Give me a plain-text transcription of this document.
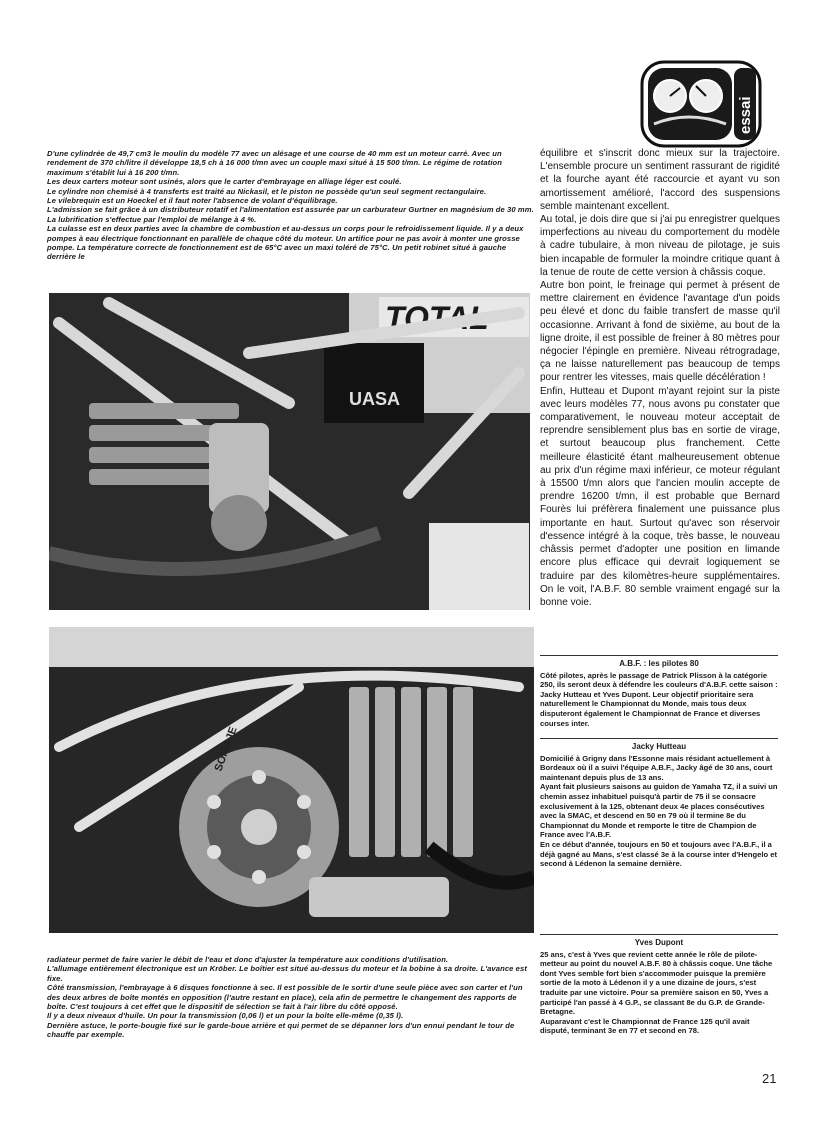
essai

D'une cylindrée de 49,7 cm3 le moulin du modèle 77 avec un alésage et une course de 40 mm est un moteur carré. Avec un rendement de 370 ch/litre il développe 18,5 ch à 16 000 t/mn avec un couple maxi situé à 15 500 t/mn. Le régime de rotation maximum s'établit lui à 16 200 t/mn.

Les deux carters moteur sont usinés, alors que le carter d'embrayage en alliage léger est coulé.

Le cylindre non chemisé à 4 transferts est traité au Nickasil, et le piston ne possède qu'un seul segment rectangulaire.

Le vilebrequin est un Hoeckel et il faut noter l'absence de volant d'équilibrage.

L'admission se fait grâce à un distributeur rotatif et l'alimentation est assurée par un carburateur Gurtner en magnésium de 30 mm. La lubrification s'effectue par l'emploi de mélange à 4 %.

La culasse est en deux parties avec la chambre de combustion et au-dessus un corps pour le refroidissement liquide. Il y a deux pompes à eau électrique fonctionnant en parallèle de chaque côté du moteur. Un artifice pour ne pas avoir à monter une grosse pompe. La température correcte de fonctionnement est de 65°C avec un maxi toléré de 75°C. Un petit robinet situé à gauche derrière le

TOTAL
UASA
SOMAJE

radiateur permet de faire varier le débit de l'eau et donc d'ajuster la température aux conditions d'utilisation.

L'allumage entièrement électronique est un Kröber. Le boîtier est situé au-dessus du moteur et la bobine à sa droite. L'avance est fixe.

Côté transmission, l'embrayage à 6 disques fonctionne à sec. Il est possible de le sortir d'une seule pièce avec son carter et l'un des deux arbres de boîte montés en opposition (l'autre restant en place), cela afin de permettre le changement des rapports de boîte. C'est toujours à cet effet que le dispositif de sélection se fait à l'air libre du côté opposé.

Il y a deux niveaux d'huile. Un pour la transmission (0,06 l) et un pour la boîte elle-même (0,35 l).

Dernière astuce, le porte-bougie fixé sur le garde-boue arrière et qui permet de se dépanner lors d'un ennui pendant le tour de chauffe par exemple.

équilibre et s'inscrit donc mieux sur la trajectoire. L'ensemble procure un sentiment rassurant de rigidité et la fourche ayant été raccourcie et ayant vu son amortissement amélioré, l'accord des suspensions semble maintenant excellent.

Au total, je dois dire que si j'ai pu enregistrer quelques imperfections au niveau du comportement du modèle à cadre tubulaire, à mon niveau de pilotage, je suis bien incapable de formuler la moindre critique quant à la tenue de route de cette version à châssis coque.

Autre bon point, le freinage qui permet à présent de mettre clairement en évidence l'avantage d'un poids peu élevé et donc du faible transfert de masse qu'il occasionne. Arrivant à fond de sixième, au bout de la ligne droite, il est possible de freiner à 80 mètres pour négocier l'épingle en première. Niveau rétrogradage, ça ne laisse naturellement pas beaucoup de temps pour rentrer les vitesses, mais quelle décélération !

Enfin, Hutteau et Dupont m'ayant rejoint sur la piste avec leurs modèles 77, nous avons pu constater que comparativement, le nouveau moteur acceptait de reprendre sensiblement plus bas en sortie de virage, et surtout beaucoup plus franchement. Cette meilleure élasticité étant malheureusement obtenue au prix d'un régime maxi inférieur, ce moteur régulant à 15500 t/mn alors que l'ancien moulin accepte de prendre 16200 t/mn, il est probable que Bernard Fourès lui préfèrera finalement une puissance plus importante en haut. Surtout qu'avec son réservoir d'essence intégré à la coque, très basse, le nouveau châssis permet d'adopter une position en limande encore plus efficace qui devrait logiquement se traduire par des kilomètres-heure supplémentaires. On le voit, l'A.B.F. 80 semble vraiment engagé sur la bonne voie.

A.B.F. : les pilotes 80

Côté pilotes, après le passage de Patrick Plisson à la catégorie 250, ils seront deux à défendre les couleurs d'A.B.F. cette saison : Jacky Hutteau et Yves Dupont. Leur objectif prioritaire sera naturellement le Championnat du Monde, mais tous deux disputeront également le Championnat de France et diverses courses inter.

Jacky Hutteau

Domicilié à Grigny dans l'Essonne mais résidant actuellement à Bordeaux où il a suivi l'équipe A.B.F., Jacky âgé de 30 ans, court maintenant depuis plus de 13 ans.

Ayant fait plusieurs saisons au guidon de Yamaha TZ, il a suivi un chemin assez inhabituel puisqu'à partir de 75 il se consacre exclusivement à la 125, obtenant deux 4e places consécutives avec la SMAC, et descend en 50 en 79 où il termine 8e du Championnat du Monde et remporte le titre de Champion de France avec l'A.B.F.

En ce début d'année, toujours en 50 et toujours avec l'A.B.F., il a déjà gagné au Mans, s'est classé 3e à la course inter d'Hengelo et second à Lédenon la semaine dernière.

Yves Dupont

25 ans, c'est à Yves que revient cette année le rôle de pilote-metteur au point du nouvel A.B.F. 80 à châssis coque. Une tâche dont Yves semble fort bien s'accommoder puisque la première sortie de la moto à Lédenon il y a une dizaine de jours, s'est traduite par une victoire. Pour sa première saison en 50, Yves a participé l'an passé à 4 G.P., se classant 8e du G.P. de Grande-Bretagne.

Auparavant c'est le Championnat de France 125 qu'il avait disputé, terminant 3e en 77 et second en 78.

21
